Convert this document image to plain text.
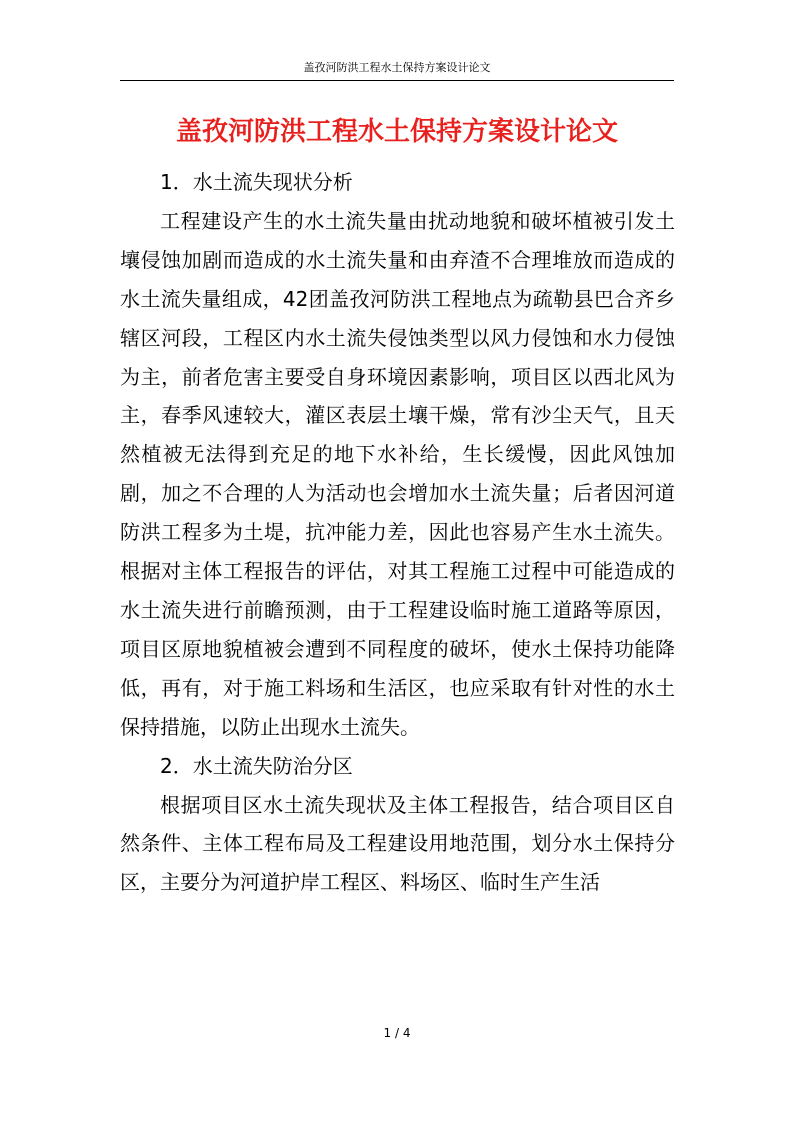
盖孜河防洪工程水土保持方案设计论文
盖孜河防洪工程水土保持方案设计论文

1．水土流失现状分析

工程建设产生的水土流失量由扰动地貌和破坏植被引发土壤侵蚀加剧而造成的水土流失量和由弃渣不合理堆放而造成的水土流失量组成，42团盖孜河防洪工程地点为疏勒县巴合齐乡辖区河段，工程区内水土流失侵蚀类型以风力侵蚀和水力侵蚀为主，前者危害主要受自身环境因素影响，项目区以西北风为主，春季风速较大，灌区表层土壤干燥，常有沙尘天气，且天然植被无法得到充足的地下水补给，生长缓慢，因此风蚀加剧，加之不合理的人为活动也会增加水土流失量；后者因河道防洪工程多为土堤，抗冲能力差，因此也容易产生水土流失。根据对主体工程报告的评估，对其工程施工过程中可能造成的水土流失进行前瞻预测，由于工程建设临时施工道路等原因，项目区原地貌植被会遭到不同程度的破坏，使水土保持功能降低，再有，对于施工料场和生活区，也应采取有针对性的水土保持措施，以防止出现水土流失。

2．水土流失防治分区

根据项目区水土流失现状及主体工程报告，结合项目区自然条件、主体工程布局及工程建设用地范围，划分水土保持分区，主要分为河道护岸工程区、料场区、临时生产生活

1 / 4
